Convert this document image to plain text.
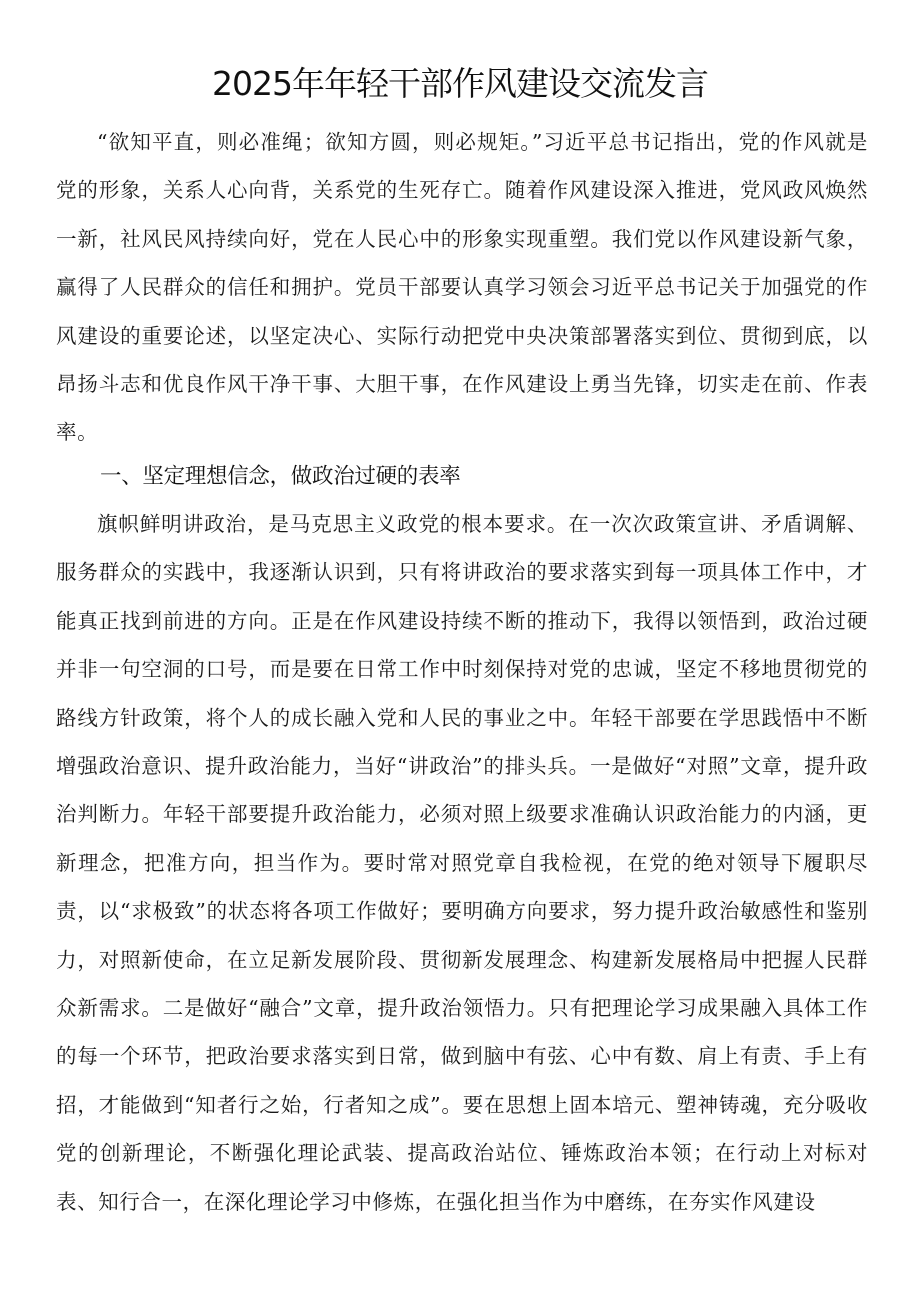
2025年年轻干部作风建设交流发言

“欲知平直，则必准绳；欲知方圆，则必规矩。”习近平总书记指出，党的作风就是党的形象，关系人心向背，关系党的生死存亡。随着作风建设深入推进，党风政风焕然一新，社风民风持续向好，党在人民心中的形象实现重塑。我们党以作风建设新气象，赢得了人民群众的信任和拥护。党员干部要认真学习领会习近平总书记关于加强党的作风建设的重要论述，以坚定决心、实际行动把党中央决策部署落实到位、贯彻到底，以昂扬斗志和优良作风干净干事、大胆干事，在作风建设上勇当先锋，切实走在前、作表率。

一、坚定理想信念，做政治过硬的表率

旗帜鲜明讲政治，是马克思主义政党的根本要求。在一次次政策宣讲、矛盾调解、服务群众的实践中，我逐渐认识到，只有将讲政治的要求落实到每一项具体工作中，才能真正找到前进的方向。正是在作风建设持续不断的推动下，我得以领悟到，政治过硬并非一句空洞的口号，而是要在日常工作中时刻保持对党的忠诚，坚定不移地贯彻党的路线方针政策，将个人的成长融入党和人民的事业之中。年轻干部要在学思践悟中不断增强政治意识、提升政治能力，当好“讲政治”的排头兵。一是做好“对照”文章，提升政治判断力。年轻干部要提升政治能力，必须对照上级要求准确认识政治能力的内涵，更新理念，把准方向，担当作为。要时常对照党章自我检视，在党的绝对领导下履职尽责，以“求极致”的状态将各项工作做好；要明确方向要求，努力提升政治敏感性和鉴别力，对照新使命，在立足新发展阶段、贯彻新发展理念、构建新发展格局中把握人民群众新需求。二是做好“融合”文章，提升政治领悟力。只有把理论学习成果融入具体工作的每一个环节，把政治要求落实到日常，做到脑中有弦、心中有数、肩上有责、手上有招，才能做到“知者行之始，行者知之成”。要在思想上固本培元、塑神铸魂，充分吸收党的创新理论，不断强化理论武装、提高政治站位、锤炼政治本领；在行动上对标对表、知行合一，在深化理论学习中修炼，在强化担当作为中磨练，在夯实作风建设
